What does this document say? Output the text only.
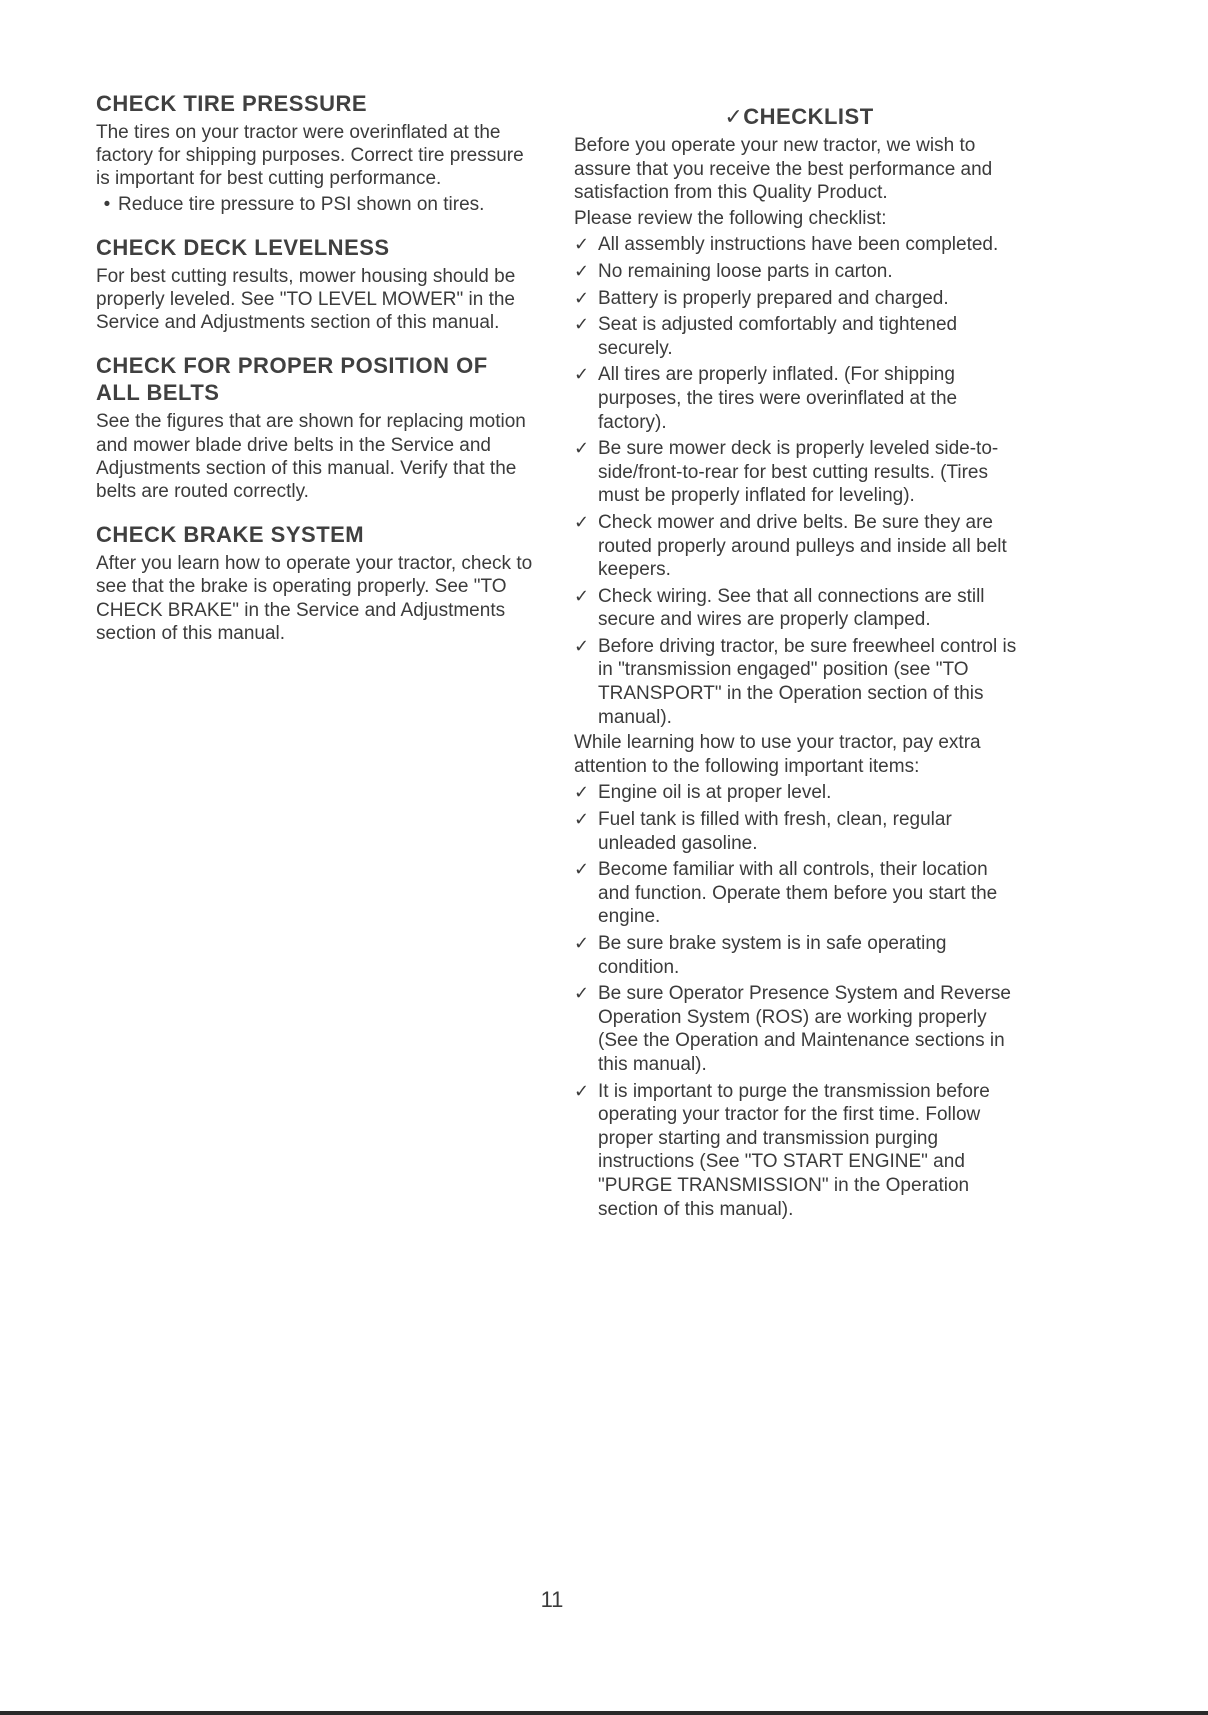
CHECK TIRE PRESSURE

The tires on your tractor were overinflated at the factory for shipping purposes. Correct tire pressure is important for best cutting performance.

• Reduce tire pressure to PSI shown on tires.
CHECK DECK LEVELNESS

For best cutting results, mower housing should be properly leveled. See "TO LEVEL MOWER" in the Service and Adjustments section of this manual.

CHECK FOR PROPER POSITION OF ALL BELTS

See the figures that are shown for replacing motion and mower blade drive belts in the Service and Adjustments section of this manual. Verify that the belts are routed correctly.

CHECK BRAKE SYSTEM

After you learn how to operate your tractor, check to see that the brake is operating properly. See "TO CHECK BRAKE" in the Service and Adjustments section of this manual.

✓CHECKLIST

Before you operate your new tractor, we wish to assure that you receive the best performance and satisfaction from this Quality Product.

Please review the following checklist:

✓ All assembly instructions have been completed.
✓ No remaining loose parts in carton.
✓ Battery is properly prepared and charged.
✓ Seat is adjusted comfortably and tightened securely.
✓ All tires are properly inflated. (For shipping purposes, the tires were overinflated at the factory).
✓ Be sure mower deck is properly leveled side-to-side/front-to-rear for best cutting results. (Tires must be properly inflated for leveling).
✓ Check mower and drive belts. Be sure they are routed properly around pulleys and inside all belt keepers.
✓ Check wiring. See that all connections are still secure and wires are properly clamped.
✓ Before driving tractor, be sure freewheel control is in "transmission engaged" position (see "TO TRANSPORT" in the Operation section of this manual).

While learning how to use your tractor, pay extra attention to the following important items:

✓ Engine oil is at proper level.
✓ Fuel tank is filled with fresh, clean, regular unleaded gasoline.
✓ Become familiar with all controls, their location and function. Operate them before you start the engine.
✓ Be sure brake system is in safe operating condition.
✓ Be sure Operator Presence System and Reverse Operation System (ROS) are working properly (See the Operation and Maintenance sections in this manual).
✓ It is important to purge the transmission before operating your tractor for the first time. Follow proper starting and transmission purging instructions (See "TO START ENGINE" and "PURGE TRANSMISSION" in the Operation section of this manual).
11
